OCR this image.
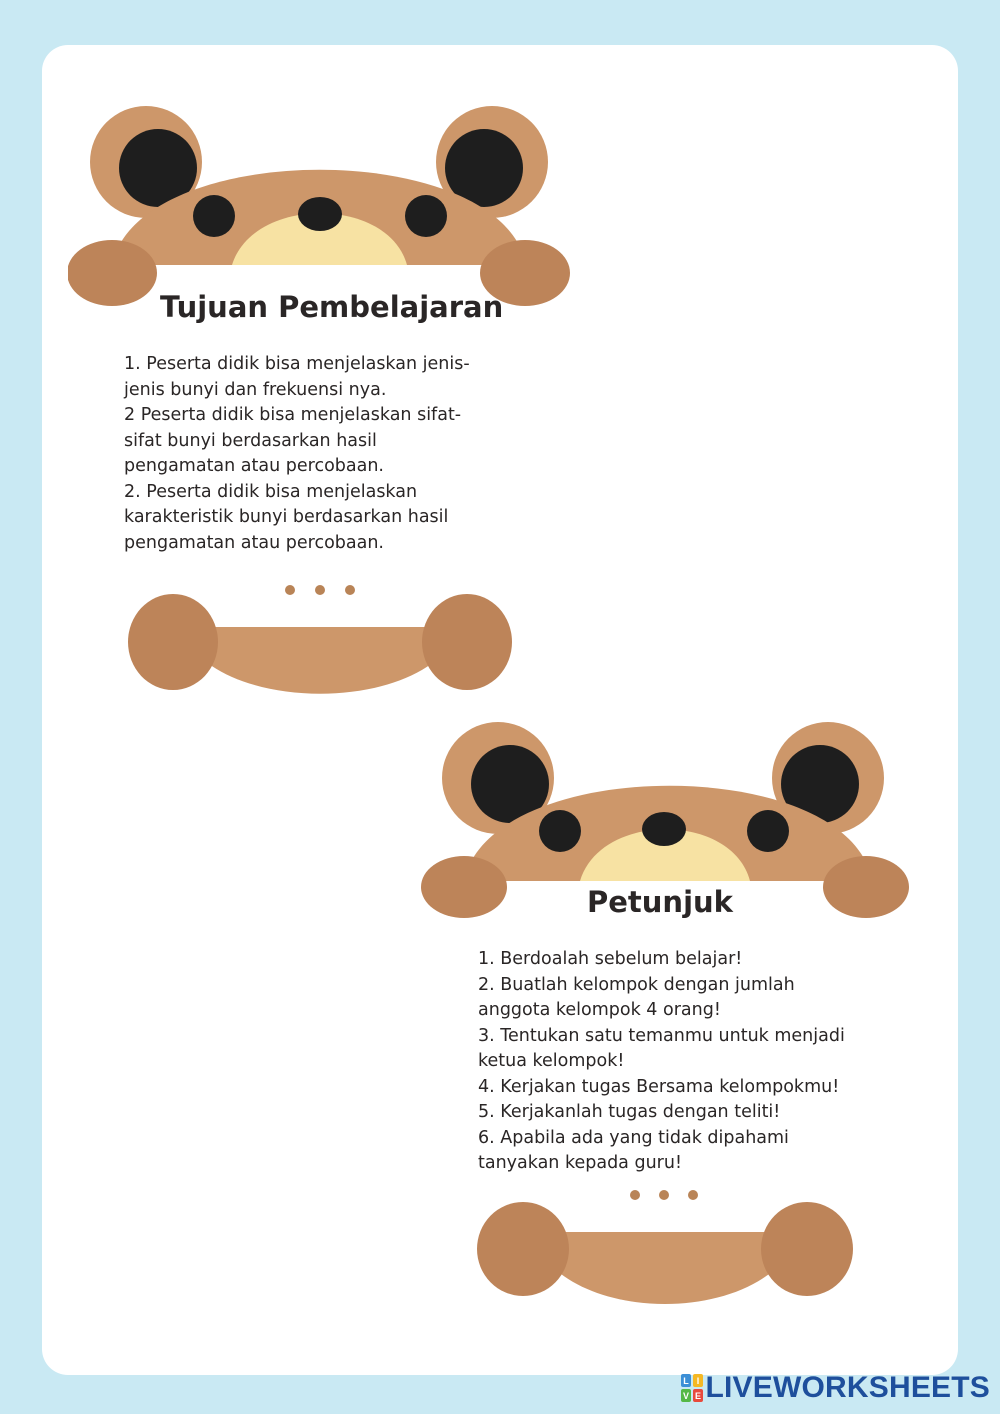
Tujuan Pembelajaran
1. Peserta didik bisa menjelaskan jenis-
jenis bunyi dan frekuensi nya.
2 Peserta didik bisa menjelaskan sifat-
sifat bunyi berdasarkan hasil
pengamatan atau percobaan.
2. Peserta didik bisa menjelaskan
karakteristik bunyi berdasarkan hasil
pengamatan atau percobaan.
Petunjuk
1. Berdoalah sebelum belajar!
2. Buatlah kelompok dengan jumlah
anggota kelompok 4 orang!
3. Tentukan satu temanmu untuk menjadi
ketua kelompok!
4. Kerjakan tugas Bersama kelompokmu!
5. Kerjakanlah tugas dengan teliti!
6. Apabila ada yang tidak dipahami
tanyakan kepada guru!
L I
V E LIVEWORKSHEETS
